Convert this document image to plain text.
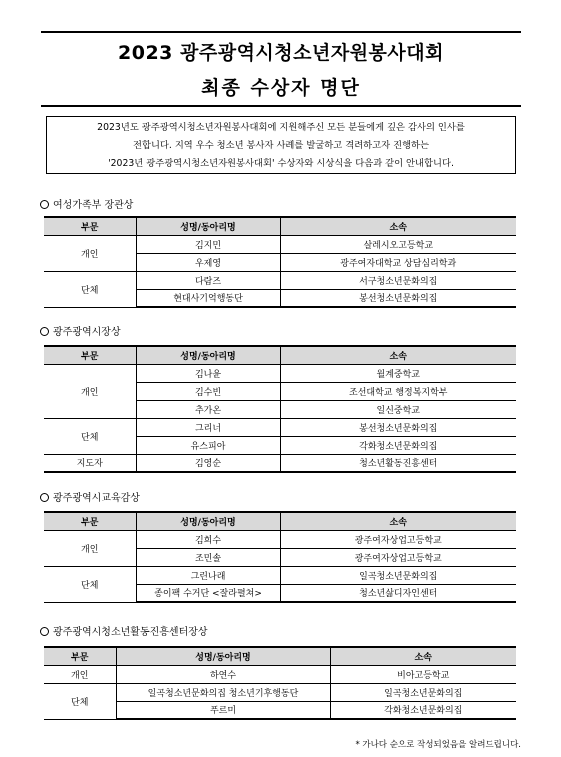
2023 광주광역시청소년자원봉사대회
최종 수상자 명단
2023년도 광주광역시청소년자원봉사대회에 지원해주신 모든 분들에게 깊은 감사의 인사를
전합니다. 지역 우수 청소년 봉사자 사례를 발굴하고 격려하고자 진행하는
'2023년 광주광역시청소년자원봉사대회' 수상자와 시상식을 다음과 같이 안내합니다.
여성가족부 장관상
부문	성명/동아리명	소속
개인	김지민	살레시오고등학교
	우제영	광주여자대학교 상담심리학과
단체	다람즈	서구청소년문화의집
	현대사기억행동단	봉선청소년문화의집
광주광역시장상
부문	성명/동아리명	소속
개인	김나윤	월계중학교
	김수빈	조선대학교 행정복지학부
	추가온	일신중학교
단체	그리너	봉선청소년문화의집
	유스피아	각화청소년문화의집
지도자	김영순	청소년활동진흥센터
광주광역시교육감상
부문	성명/동아리명	소속
개인	김희수	광주여자상업고등학교
	조민솔	광주여자상업고등학교
단체	그린나래	일곡청소년문화의집
	종이팩 수거단 <잘라펼쳐>	청소년삶디자인센터
광주광역시청소년활동진흥센터장상
부문	성명/동아리명	소속
개인	하연수	비아고등학교
단체	일곡청소년문화의집 청소년기후행동단	일곡청소년문화의집
	푸르미	각화청소년문화의집
* 가나다 순으로 작성되었음을 알려드립니다.
